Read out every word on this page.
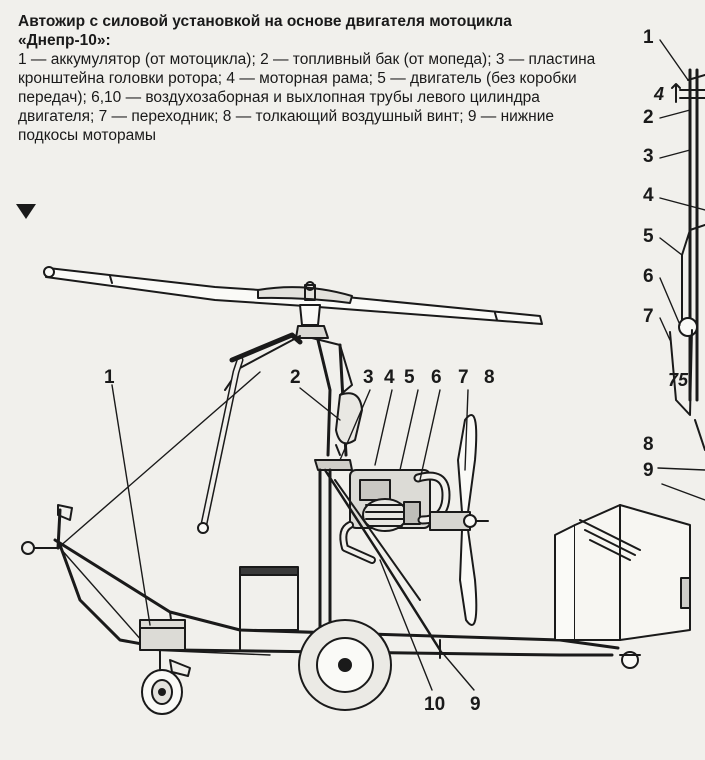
Автожир с силовой установкой на основе двигателя мотоцикла «Днепр-10»:
1 — аккумулятор (от мотоцикла); 2 — топливный бак (от мопеда); 3 — пластина кронштейна головки ротора; 4 — моторная рама; 5 — двигатель (без коробки передач); 6,10 — воздухозаборная и выхлопная трубы левого цилиндра двигателя; 7 — переходник; 8 — толкающий воздушный винт; 9 — нижние подкосы моторамы
1	2	3 4 5 6 7 8
9
10
1
2
3
4
5
6
7
8
9
4
75
